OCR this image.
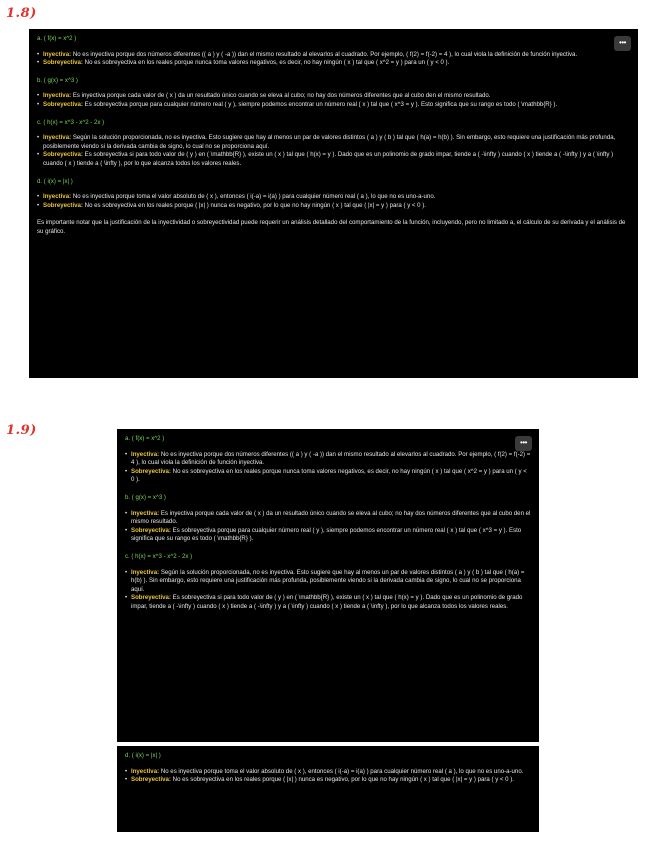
1.8)
•••
a. ( f(x) = x^2 )
• Inyectiva: No es inyectiva porque dos números diferentes (( a ) y ( -a )) dan el mismo resultado al elevarlos al cuadrado. Por ejemplo, ( f(2) = f(-2) = 4 ), lo cual viola la definición de función inyectiva.
• Sobreyectiva: No es sobreyectiva en los reales porque nunca toma valores negativos, es decir, no hay ningún ( x ) tal que ( x^2 = y ) para un ( y < 0 ).
b. ( g(x) = x^3 )
• Inyectiva: Es inyectiva porque cada valor de ( x ) da un resultado único cuando se eleva al cubo; no hay dos números diferentes que al cubo den el mismo resultado.
• Sobreyectiva: Es sobreyectiva porque para cualquier número real ( y ), siempre podemos encontrar un número real ( x ) tal que ( x^3 = y ). Esto significa que su rango es todo ( \mathbb{R} ).
c. ( h(x) = x^3 - x^2 - 2x )
• Inyectiva: Según la solución proporcionada, no es inyectiva. Esto sugiere que hay al menos un par de valores distintos ( a ) y ( b ) tal que ( h(a) = h(b) ). Sin embargo, esto requiere una justificación más profunda, posiblemente viendo si la derivada cambia de signo, lo cual no se proporciona aquí.
• Sobreyectiva: Es sobreyectiva si para todo valor de ( y ) en ( \mathbb{R} ), existe un ( x ) tal que ( h(x) = y ). Dado que es un polinomio de grado impar, tiende a ( -\infty ) cuando ( x ) tiende a ( -\infty ) y a ( \infty ) cuando ( x ) tiende a ( \infty ), por lo que alcanza todos los valores reales.
d. ( i(x) = |x| )
• Inyectiva: No es inyectiva porque toma el valor absoluto de ( x ), entonces ( i(-a) = i(a) ) para cualquier número real ( a ), lo que no es uno-a-uno.
• Sobreyectiva: No es sobreyectiva en los reales porque ( |x| ) nunca es negativo, por lo que no hay ningún ( x ) tal que ( |x| = y ) para ( y < 0 ).
Es importante notar que la justificación de la inyectividad o sobreyectividad puede requerir un análisis detallado del comportamiento de la función, incluyendo, pero no limitado a, el cálculo de su derivada y el análisis de su gráfico.
1.9)
•••
a. ( f(x) = x^2 )
• Inyectiva: No es inyectiva porque dos números diferentes (( a ) y ( -a )) dan el mismo resultado al elevarlos al cuadrado. Por ejemplo, ( f(2) = f(-2) = 4 ), lo cual viola la definición de función inyectiva.
• Sobreyectiva: No es sobreyectiva en los reales porque nunca toma valores negativos, es decir, no hay ningún ( x ) tal que ( x^2 = y ) para un ( y < 0 ).
b. ( g(x) = x^3 )
• Inyectiva: Es inyectiva porque cada valor de ( x ) da un resultado único cuando se eleva al cubo; no hay dos números diferentes que al cubo den el mismo resultado.
• Sobreyectiva: Es sobreyectiva porque para cualquier número real ( y ), siempre podemos encontrar un número real ( x ) tal que ( x^3 = y ). Esto significa que su rango es todo ( \mathbb{R} ).
c. ( h(x) = x^3 - x^2 - 2x )
• Inyectiva: Según la solución proporcionada, no es inyectiva. Esto sugiere que hay al menos un par de valores distintos ( a ) y ( b ) tal que ( h(a) = h(b) ). Sin embargo, esto requiere una justificación más profunda, posiblemente viendo si la derivada cambia de signo, lo cual no se proporciona aquí.
• Sobreyectiva: Es sobreyectiva si para todo valor de ( y ) en ( \mathbb{R} ), existe un ( x ) tal que ( h(x) = y ). Dado que es un polinomio de grado impar, tiende a ( -\infty ) cuando ( x ) tiende a ( -\infty ) y a ( \infty ) cuando ( x ) tiende a ( \infty ), por lo que alcanza todos los valores reales.
d. ( i(x) = |x| )
• Inyectiva: No es inyectiva porque toma el valor absoluto de ( x ), entonces ( i(-a) = i(a) ) para cualquier número real ( a ), lo que no es uno-a-uno.
• Sobreyectiva: No es sobreyectiva en los reales porque ( |x| ) nunca es negativo, por lo que no hay ningún ( x ) tal que ( |x| = y ) para ( y < 0 ).
